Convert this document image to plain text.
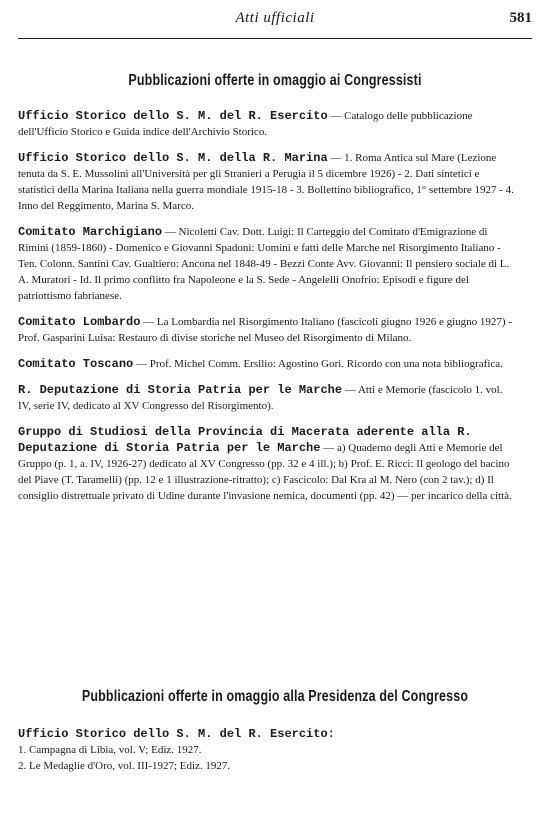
Atti ufficiali	581
Pubblicazioni offerte in omaggio ai Congressisti

Ufficio Storico dello S. M. del R. Esercito — Catalogo delle pubblicazione dell'Ufficio Storico e Guida indice dell'Archivio Storico.

Ufficio Storico dello S. M. della R. Marina — 1. Roma Antica sul Mare (Lezione tenuta da S. E. Mussolini all'Università per gli Stranieri a Perugia il 5 dicembre 1926) - 2. Dati sintetici e statistici della Marina Italiana nella guerra mondiale 1915-18 - 3. Bollettino bibliografico, 1° settembre 1927 - 4. Inno del Reggimento, Marina S. Marco.

Comitato Marchigiano — Nicoletti Cav. Dott. Luigi: Il Carteggio del Comitato d'Emigrazione di Rimini (1859-1860) - Domenico e Giovanni Spadoni: Uomini e fatti delle Marche nel Risorgimento Italiano - Ten. Colonn. Santini Cav. Gualtiero: Ancona nel 1848-49 - Bezzi Conte Avv. Giovanni: Il pensiero sociale di L. A. Muratori - Id. Il primo conflitto fra Napoleone e la S. Sede - Angelelli Onofrio: Episodi e figure del patriottismo fabrianese.

Comitato Lombardo — La Lombardia nel Risorgimento Italiano (fascicoli giugno 1926 e giugno 1927) - Prof. Gasparini Luisa: Restauro di divise storiche nel Museo del Risorgimento di Milano.

Comitato Toscano — Prof. Michel Comm. Ersilio: Agostino Gori. Ricordo con una nota bibliografica.

R. Deputazione di Storia Patria per le Marche — Atti e Memorie (fascicolo 1. vol. IV, serie IV, dedicato al XV Congresso del Risorgimento).

Gruppo di Studiosi della Provincia di Macerata aderente alla R. Deputazione di Storia Patria per le Marche — a) Quaderno degli Atti e Memorie del Gruppo (p. 1, a. IV, 1926-27) dedicato al XV Congresso (pp. 32 e 4 ill.); b) Prof. E. Ricci: Il geologo del bacino del Piave (T. Taramelli) (pp. 12 e 1 illustrazione-ritratto); c) Fascicolo: Dal Kra al M. Nero (con 2 tav.); d) Il consiglio distrettuale privato di Udine durante l'invasione nemica, documenti (pp. 42) — per incarico della città.

Pubblicazioni offerte in omaggio alla Presidenza del Congresso

Ufficio Storico dello S. M. del R. Esercito:

1. Campagna di Libia, vol. V; Ediz. 1927.

2. Le Medaglie d'Oro, vol. III-1927; Ediz. 1927.
